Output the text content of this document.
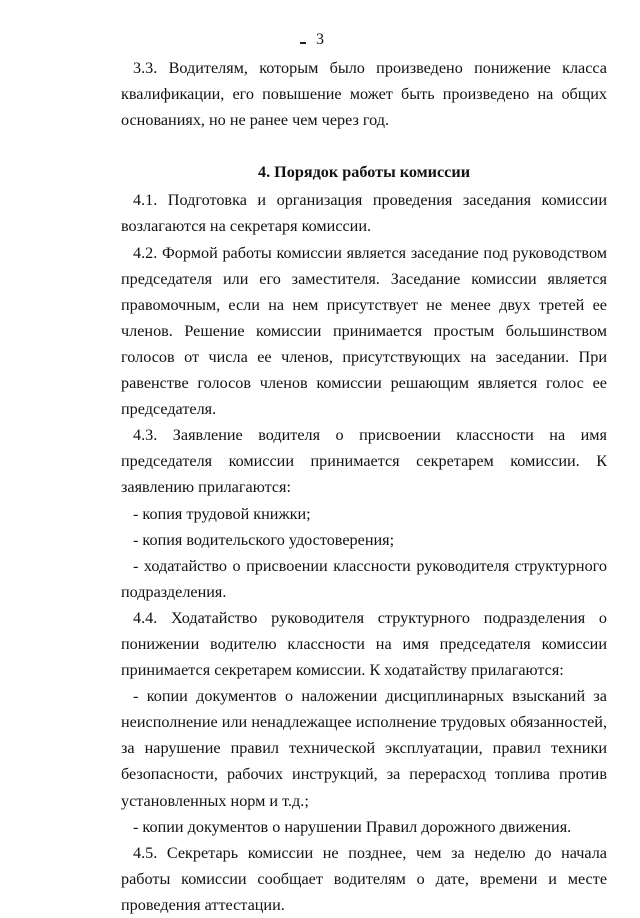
3

3.3. Водителям, которым было произведено понижение класса квалификации, его повышение может быть произведено на общих основаниях, но не ранее чем через год.

4. Порядок работы комиссии

4.1. Подготовка и организация проведения заседания комиссии возлагаются на секретаря комиссии.

4.2. Формой работы комиссии является заседание под руководством председателя или его заместителя. Заседание комиссии является правомочным, если на нем присутствует не менее двух третей ее членов. Решение комиссии принимается простым большинством голосов от числа ее членов, присутствующих на заседании. При равенстве голосов членов комиссии решающим является голос ее председателя.

4.3. Заявление водителя о присвоении классности на имя председателя комиссии принимается секретарем комиссии. К заявлению прилагаются:

- копия трудовой книжки;

- копия водительского удостоверения;

- ходатайство о присвоении классности руководителя структурного подразделения.

4.4. Ходатайство руководителя структурного подразделения о понижении водителю классности на имя председателя комиссии принимается секретарем комиссии. К ходатайству прилагаются:

- копии документов о наложении дисциплинарных взысканий за неисполнение или ненадлежащее исполнение трудовых обязанностей, за нарушение правил технической эксплуатации, правил техники безопасности, рабочих инструкций, за перерасход топлива против установленных норм и т.д.;

- копии документов о нарушении Правил дорожного движения.

4.5. Секретарь комиссии не позднее, чем за неделю до начала работы комиссии сообщает водителям о дате, времени и месте проведения аттестации.
